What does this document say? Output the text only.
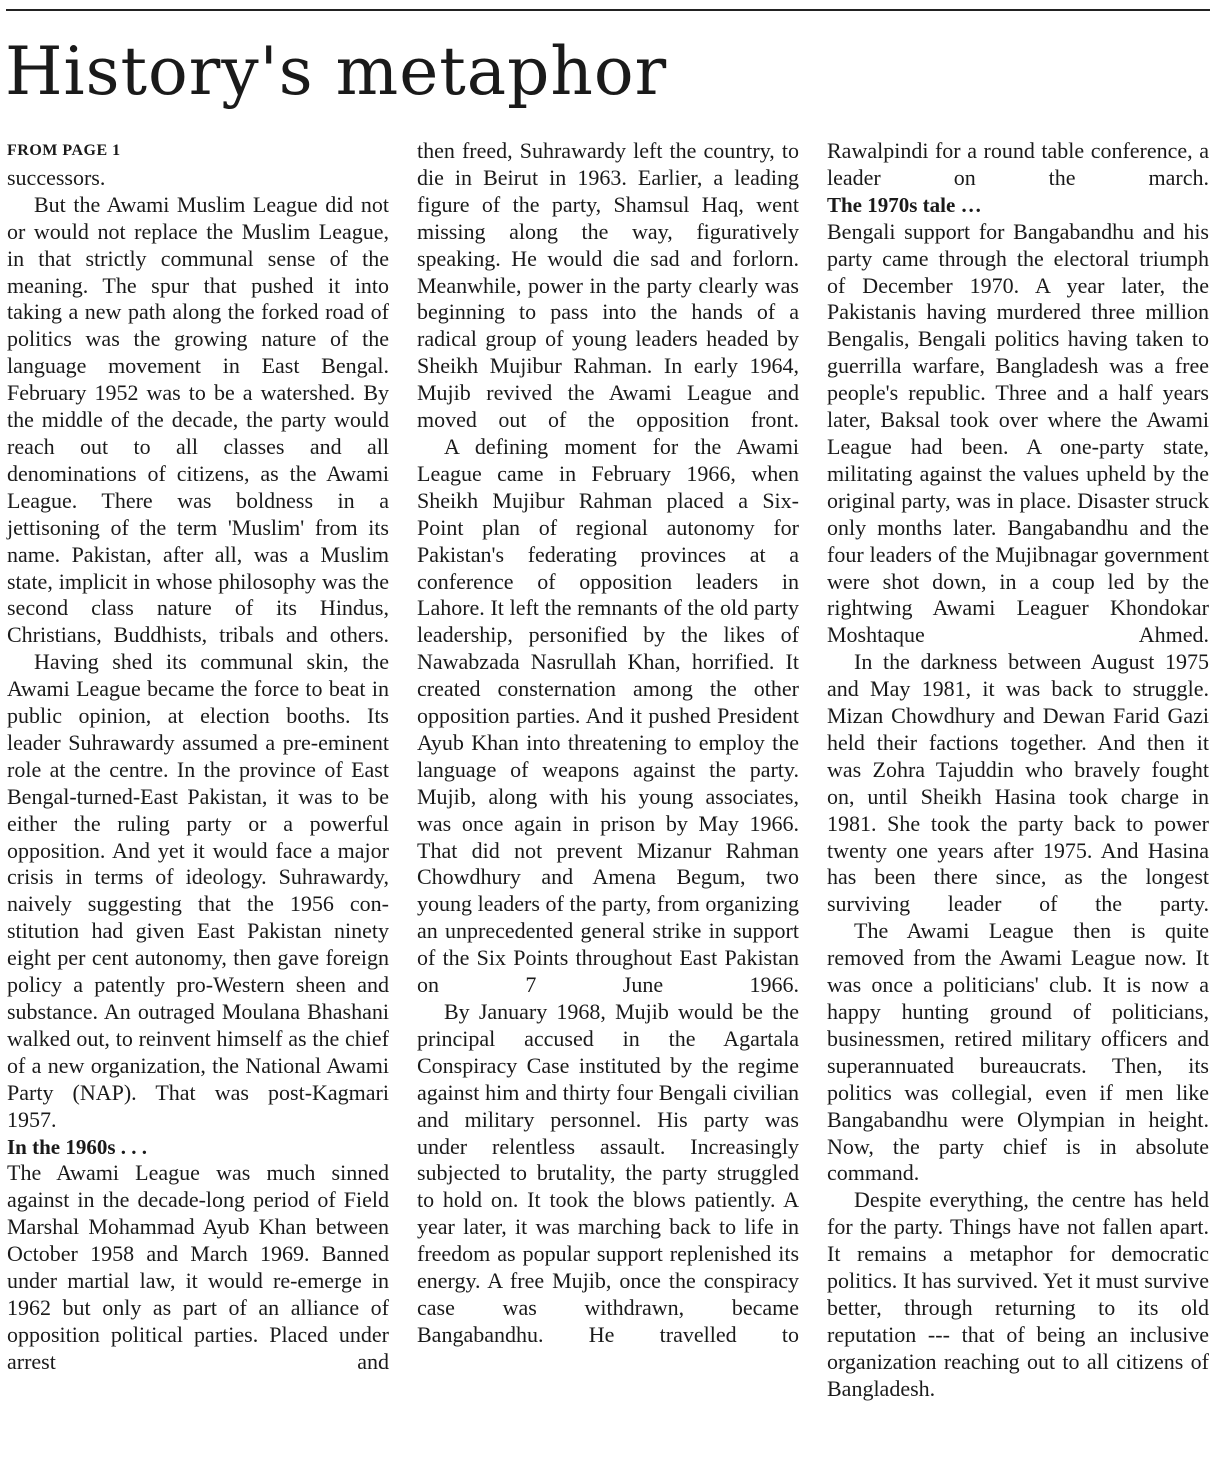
History's metaphor
FROM PAGE 1

successors.

But the Awami Muslim League did not or would not replace the Muslim League, in that strictly communal sense of the meaning. The spur that pushed it into taking a new path along the forked road of politics was the growing nature of the language movement in East Bengal. February 1952 was to be a watershed. By the middle of the decade, the party would reach out to all classes and all denominations of citizens, as the Awami League. There was boldness in a jettisoning of the term 'Muslim' from its name. Pakistan, after all, was a Muslim state, implicit in whose philosophy was the second class nature of its Hindus, Christians, Buddhists, tribals and others.

Having shed its communal skin, the Awami League became the force to beat in public opinion, at election booths. Its leader Suhrawardy assumed a pre-eminent role at the centre. In the province of East Bengal-turned-East Pakistan, it was to be either the ruling party or a powerful opposition. And yet it would face a major crisis in terms of ideology. Suhrawardy, naively suggesting that the 1956 constitution had given East Pakistan ninety eight per cent autonomy, then gave foreign policy a patently pro-Western sheen and substance. An outraged Moulana Bhashani walked out, to reinvent himself as the chief of a new organization, the National Awami Party (NAP). That was post-Kagmari 1957.

In the 1960s . . .

The Awami League was much sinned against in the decade-long period of Field Marshal Mohammad Ayub Khan between October 1958 and March 1969. Banned under martial law, it would re-emerge in 1962 but only as part of an alliance of opposition political parties. Placed under arrest and

then freed, Suhrawardy left the country, to die in Beirut in 1963. Earlier, a leading figure of the party, Shamsul Haq, went missing along the way, figuratively speaking. He would die sad and forlorn. Meanwhile, power in the party clearly was beginning to pass into the hands of a radical group of young leaders headed by Sheikh Mujibur Rahman. In early 1964, Mujib revived the Awami League and moved out of the opposition front.

A defining moment for the Awami League came in February 1966, when Sheikh Mujibur Rahman placed a Six-Point plan of regional autonomy for Pakistan's federating provinces at a conference of opposition leaders in Lahore. It left the remnants of the old party leadership, personified by the likes of Nawabzada Nasrullah Khan, horrified. It created consternation among the other opposition parties. And it pushed President Ayub Khan into threatening to employ the language of weapons against the party. Mujib, along with his young associates, was once again in prison by May 1966. That did not prevent Mizanur Rahman Chowdhury and Amena Begum, two young leaders of the party, from organizing an unprecedented general strike in support of the Six Points throughout East Pakistan on 7 June 1966.

By January 1968, Mujib would be the principal accused in the Agartala Conspiracy Case instituted by the regime against him and thirty four Bengali civilian and military personnel. His party was under relentless assault. Increasingly subjected to brutality, the party struggled to hold on. It took the blows patiently. A year later, it was marching back to life in freedom as popular support replenished its energy. A free Mujib, once the conspiracy case was withdrawn, became Bangabandhu. He travelled to

Rawalpindi for a round table conference, a leader on the march.

The 1970s tale …

Bengali support for Bangabandhu and his party came through the electoral triumph of December 1970. A year later, the Pakistanis having murdered three million Bengalis, Bengali politics having taken to guerrilla warfare, Bangladesh was a free people's republic. Three and a half years later, Baksal took over where the Awami League had been. A one-party state, militating against the values upheld by the original party, was in place. Disaster struck only months later. Bangabandhu and the four leaders of the Mujibnagar government were shot down, in a coup led by the rightwing Awami Leaguer Khondokar Moshtaque Ahmed.

In the darkness between August 1975 and May 1981, it was back to struggle. Mizan Chowdhury and Dewan Farid Gazi held their factions together. And then it was Zohra Tajuddin who bravely fought on, until Sheikh Hasina took charge in 1981. She took the party back to power twenty one years after 1975. And Hasina has been there since, as the longest surviving leader of the party.

The Awami League then is quite removed from the Awami League now. It was once a politicians' club. It is now a happy hunting ground of politicians, businessmen, retired military officers and superannuated bureaucrats. Then, its politics was collegial, even if men like Bangabandhu were Olympian in height. Now, the party chief is in absolute command.

Despite everything, the centre has held for the party. Things have not fallen apart. It remains a metaphor for democratic politics. It has survived. Yet it must survive better, through returning to its old reputation --- that of being an inclusive organization reaching out to all citizens of Bangladesh.
